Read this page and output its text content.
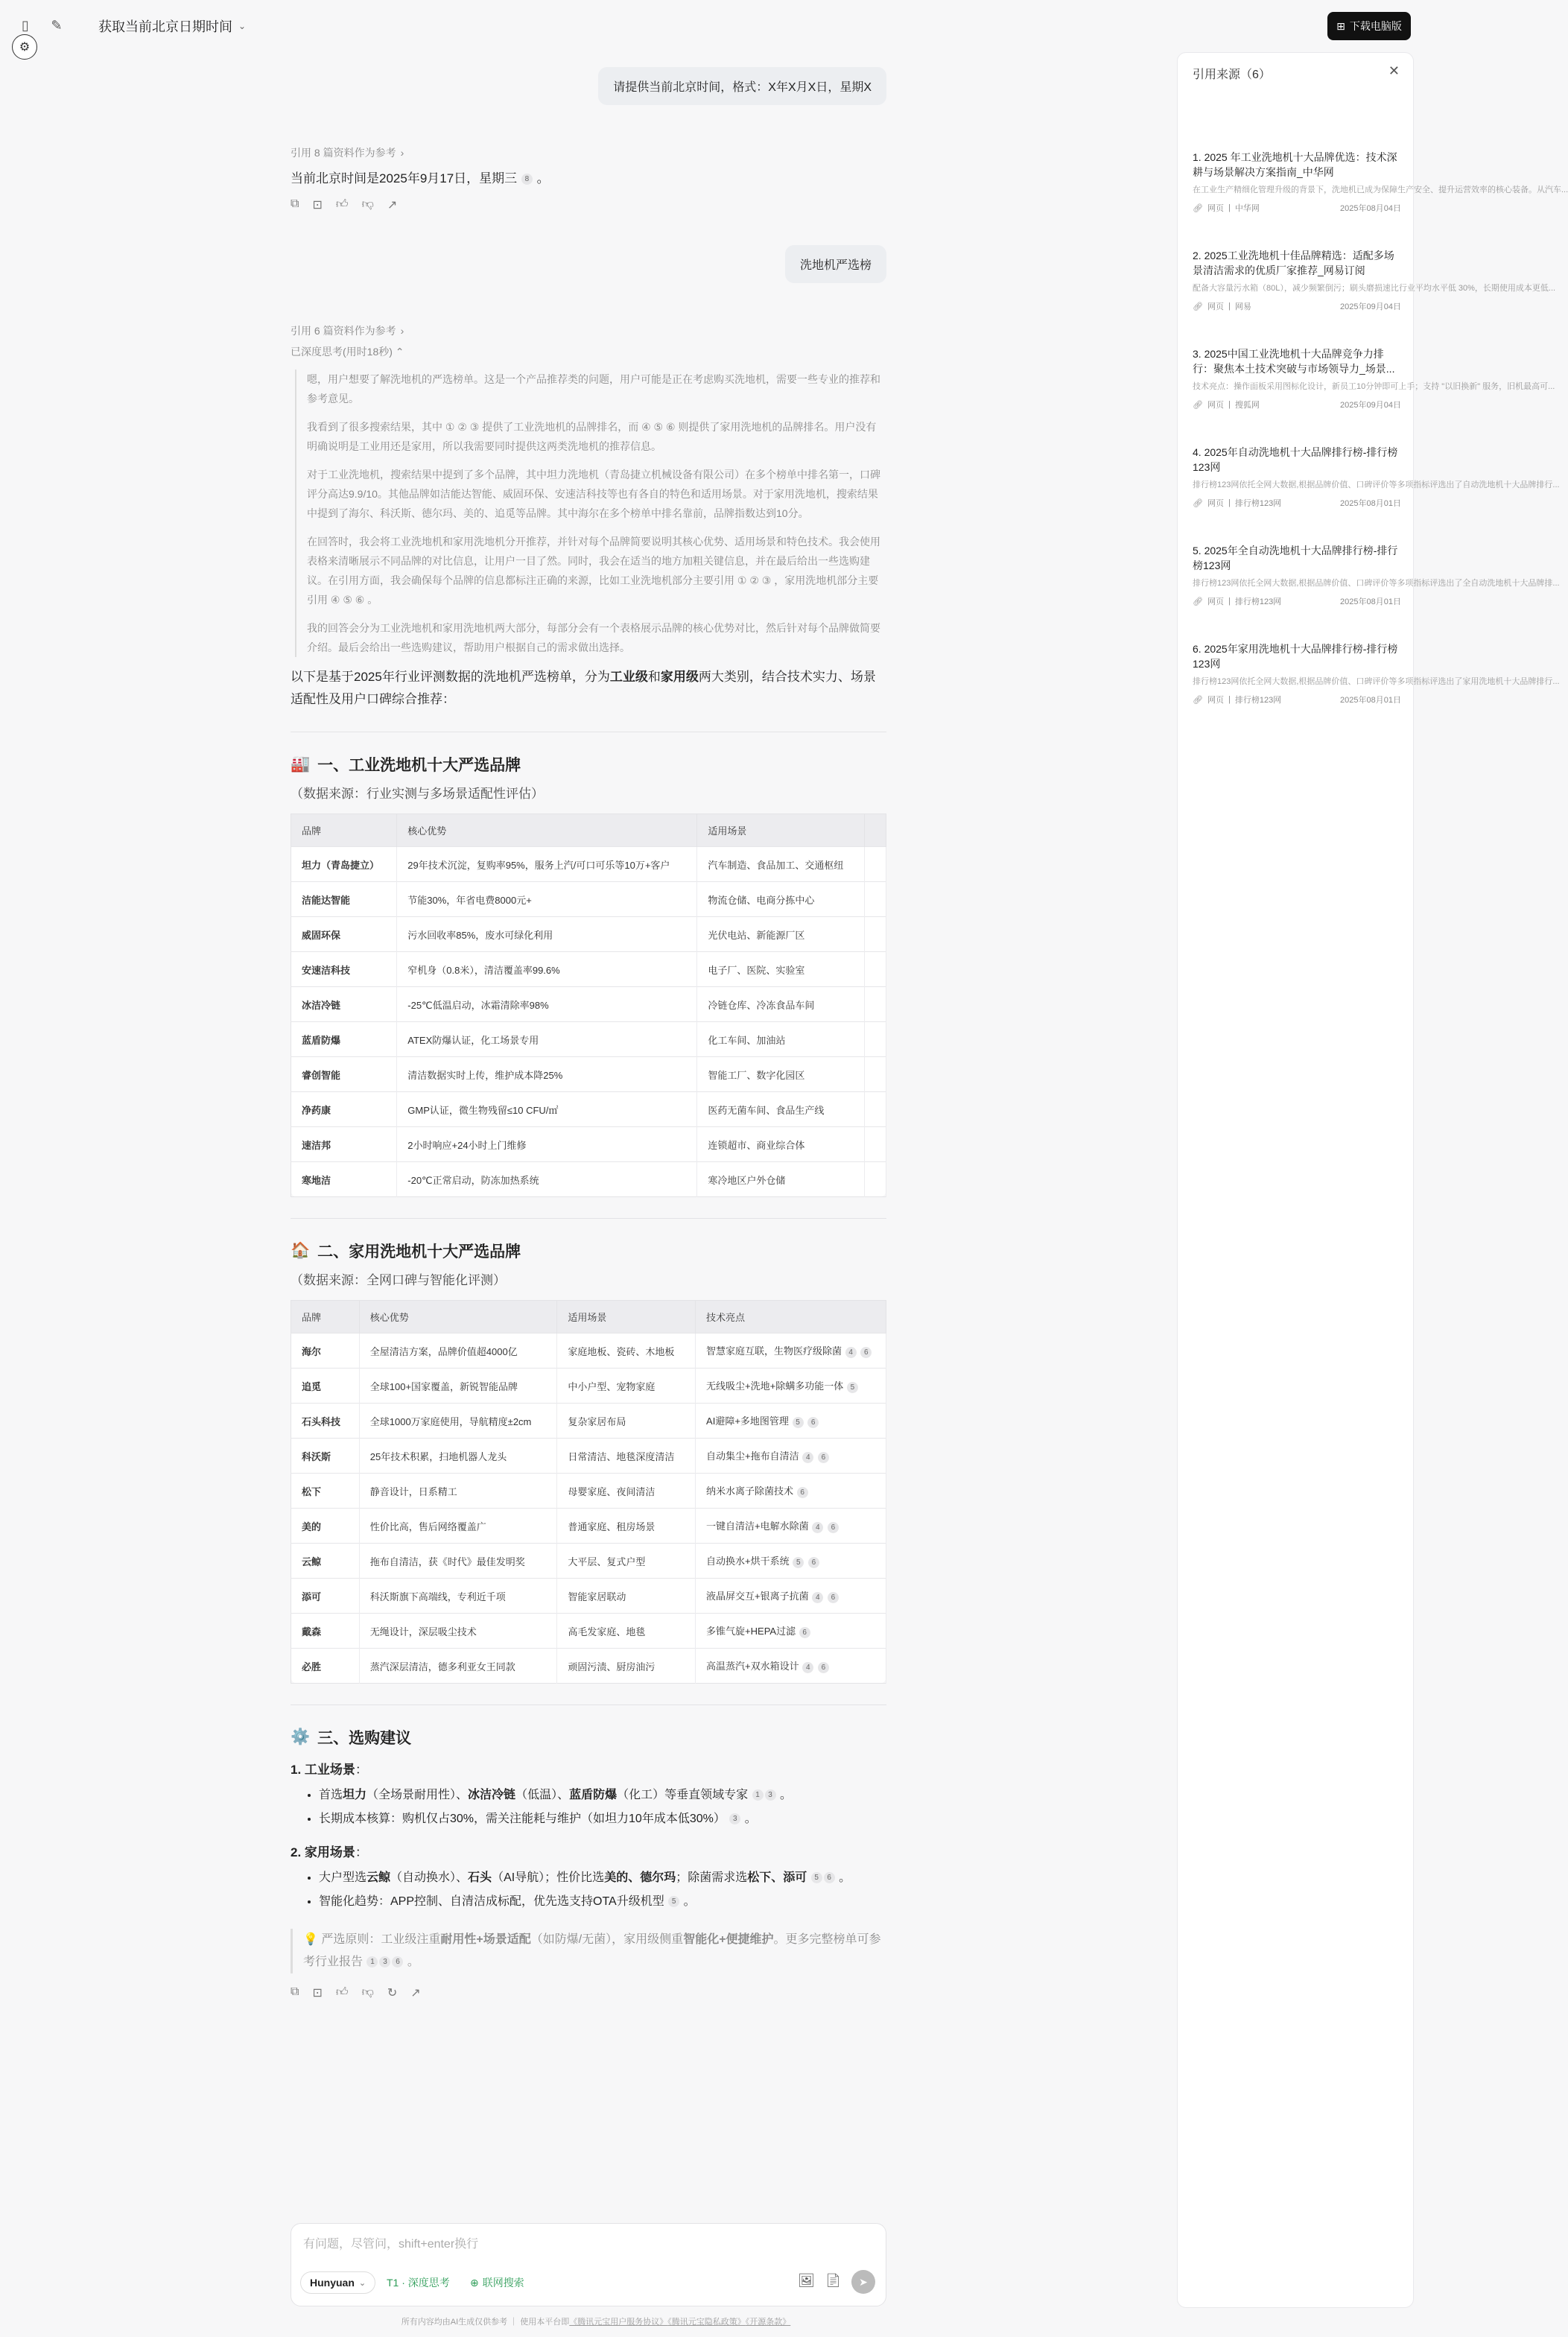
▯	✎	获取当前北京日期时间 ⌄	⊞ 下载电脑版
⚙
请提供当前北京时间，格式：X年X月X日，星期X
引用 8 篇资料作为参考 ›

当前北京时间是2025年9月17日，星期三 8 。

⧉ ⊡ 👍︎ 👎︎ ↗
洗地机严选榜
引用 6 篇资料作为参考 ›
已深度思考(用时18秒) ⌃

嗯，用户想要了解洗地机的严选榜单。这是一个产品推荐类的问题，用户可能是正在考虑购买洗地机，需要一些专业的推荐和参考意见。

我看到了很多搜索结果，其中 ① ② ③ 提供了工业洗地机的品牌排名，而 ④ ⑤ ⑥ 则提供了家用洗地机的品牌排名。用户没有明确说明是工业用还是家用，所以我需要同时提供这两类洗地机的推荐信息。

对于工业洗地机，搜索结果中提到了多个品牌，其中坦力洗地机（青岛捷立机械设备有限公司）在多个榜单中排名第一，口碑评分高达9.9/10。其他品牌如洁能达智能、威固环保、安速洁科技等也有各自的特色和适用场景。对于家用洗地机，搜索结果中提到了海尔、科沃斯、德尔玛、美的、追觅等品牌。其中海尔在多个榜单中排名靠前，品牌指数达到10分。

在回答时，我会将工业洗地机和家用洗地机分开推荐，并针对每个品牌简要说明其核心优势、适用场景和特色技术。我会使用表格来清晰展示不同品牌的对比信息，让用户一目了然。同时，我会在适当的地方加粗关键信息，并在最后给出一些选购建议。在引用方面，我会确保每个品牌的信息都标注正确的来源，比如工业洗地机部分主要引用 ① ② ③ ，家用洗地机部分主要引用 ④ ⑤ ⑥ 。

我的回答会分为工业洗地机和家用洗地机两大部分，每部分会有一个表格展示品牌的核心优势对比，然后针对每个品牌做简要介绍。最后会给出一些选购建议，帮助用户根据自己的需求做出选择。

以下是基于2025年行业评测数据的洗地机严选榜单，分为工业级和家用级两大类别，结合技术实力、场景适配性及用户口碑综合推荐：

🏭 一、工业洗地机十大严选品牌
（数据来源：行业实测与多场景适配性评估）
品牌	核心优势	适用场景	
坦力（青岛捷立）	29年技术沉淀，复购率95%，服务上汽/可口可乐等10万+客户	汽车制造、食品加工、交通枢纽	
洁能达智能	节能30%，年省电费8000元+	物流仓储、电商分拣中心	
威固环保	污水回收率85%，废水可绿化利用	光伏电站、新能源厂区	
安速洁科技	窄机身（0.8米），清洁覆盖率99.6%	电子厂、医院、实验室	
冰洁冷链	-25℃低温启动，冰霜清除率98%	冷链仓库、冷冻食品车间	
蓝盾防爆	ATEX防爆认证，化工场景专用	化工车间、加油站	
睿创智能	清洁数据实时上传，维护成本降25%	智能工厂、数字化园区	
净药康	GMP认证，微生物残留≤10 CFU/㎡	医药无菌车间、食品生产线	
速洁邦	2小时响应+24小时上门维修	连锁超市、商业综合体	
寒地洁	-20℃正常启动，防冻加热系统	寒冷地区户外仓储	
🏠 二、家用洗地机十大严选品牌
（数据来源：全网口碑与智能化评测）
品牌	核心优势	适用场景	技术亮点
海尔	全屋清洁方案，品牌价值超4000亿	家庭地板、瓷砖、木地板	智慧家庭互联，生物医疗级除菌 4 6
追觅	全球100+国家覆盖，新锐智能品牌	中小户型、宠物家庭	无线吸尘+洗地+除螨多功能一体 5
石头科技	全球1000万家庭使用，导航精度±2cm	复杂家居布局	AI避障+多地图管理 5 6
科沃斯	25年技术积累，扫地机器人龙头	日常清洁、地毯深度清洁	自动集尘+拖布自清洁 4 6
松下	静音设计，日系精工	母婴家庭、夜间清洁	纳米水离子除菌技术 6
美的	性价比高，售后网络覆盖广	普通家庭、租房场景	一键自清洁+电解水除菌 4 6
云鲸	拖布自清洁，获《时代》最佳发明奖	大平层、复式户型	自动换水+烘干系统 5 6
添可	科沃斯旗下高端线，专利近千项	智能家居联动	液晶屏交互+银离子抗菌 4 6
戴森	无绳设计，深层吸尘技术	高毛发家庭、地毯	多锥气旋+HEPA过滤 6
必胜	蒸汽深层清洁，德多利亚女王同款	顽固污渍、厨房油污	高温蒸汽+双水箱设计 4 6
⚙️ 三、选购建议
1. 工业场景：
• 首选坦力（全场景耐用性）、冰洁冷链（低温）、蓝盾防爆（化工）等垂直领域专家 1 3 。
• 长期成本核算：购机仅占30%，需关注能耗与维护（如坦力10年成本低30%） 3 。
2. 家用场景：
• 大户型选云鲸（自动换水）、石头（AI导航）；性价比选美的、德尔玛；除菌需求选松下、添可 5 6 。
• 智能化趋势：APP控制、自清洁成标配，优先选支持OTA升级机型 5 。
💡 严选原则：工业级注重耐用性+场景适配（如防爆/无菌），家用级侧重智能化+便捷维护。更多完整榜单可参考行业报告 1 3 6 。
⧉ ⊡ 👍︎ 👎︎ ↻ ↗
有问题，尽管问，shift+enter换行
Hunyuan ⌄ T1 · 深度思考 ⊕ 联网搜索	🖼︎ 📄︎ ➤
所有内容均由AI生成仅供参考 ｜ 使用本平台即《腾讯元宝用户服务协议》《腾讯元宝隐私政策》《开源条款》
引用来源（6）	✕
1. 2025 年工业洗地机十大品牌优选：技术深耕与场景解决方案指南_中华网
在工业生产精细化管理升级的背景下，洗地机已成为保障生产安全、提升运营效率的核心装备。从汽车...
🔗︎ 网页 | 中华网	2025年08月04日
2. 2025工业洗地机十佳品牌精选：适配多场景清洁需求的优质厂家推荐_网易订阅
配备大容量污水箱（80L），减少频繁倒污；刷头磨损速比行业平均水平低 30%，长期使用成本更低...
🔗︎ 网页 | 网易	2025年09月04日
3. 2025中国工业洗地机十大品牌竞争力排行：聚焦本土技术突破与市场领导力_场景...
技术亮点：操作面板采用图标化设计，新员工10分钟即可上手；支持 "以旧换新" 服务，旧机最高可...
🔗︎ 网页 | 搜狐网	2025年09月04日
4. 2025年自动洗地机十大品牌排行榜-排行榜123网
排行榜123网依托全网大数据,根据品牌价值、口碑评价等多项指标评选出了自动洗地机十大品牌排行...
🔗︎ 网页 | 排行榜123网	2025年08月01日
5. 2025年全自动洗地机十大品牌排行榜-排行榜123网
排行榜123网依托全网大数据,根据品牌价值、口碑评价等多项指标评选出了全自动洗地机十大品牌排...
🔗︎ 网页 | 排行榜123网	2025年08月01日
6. 2025年家用洗地机十大品牌排行榜-排行榜123网
排行榜123网依托全网大数据,根据品牌价值、口碑评价等多项指标评选出了家用洗地机十大品牌排行...
🔗︎ 网页 | 排行榜123网	2025年08月01日
